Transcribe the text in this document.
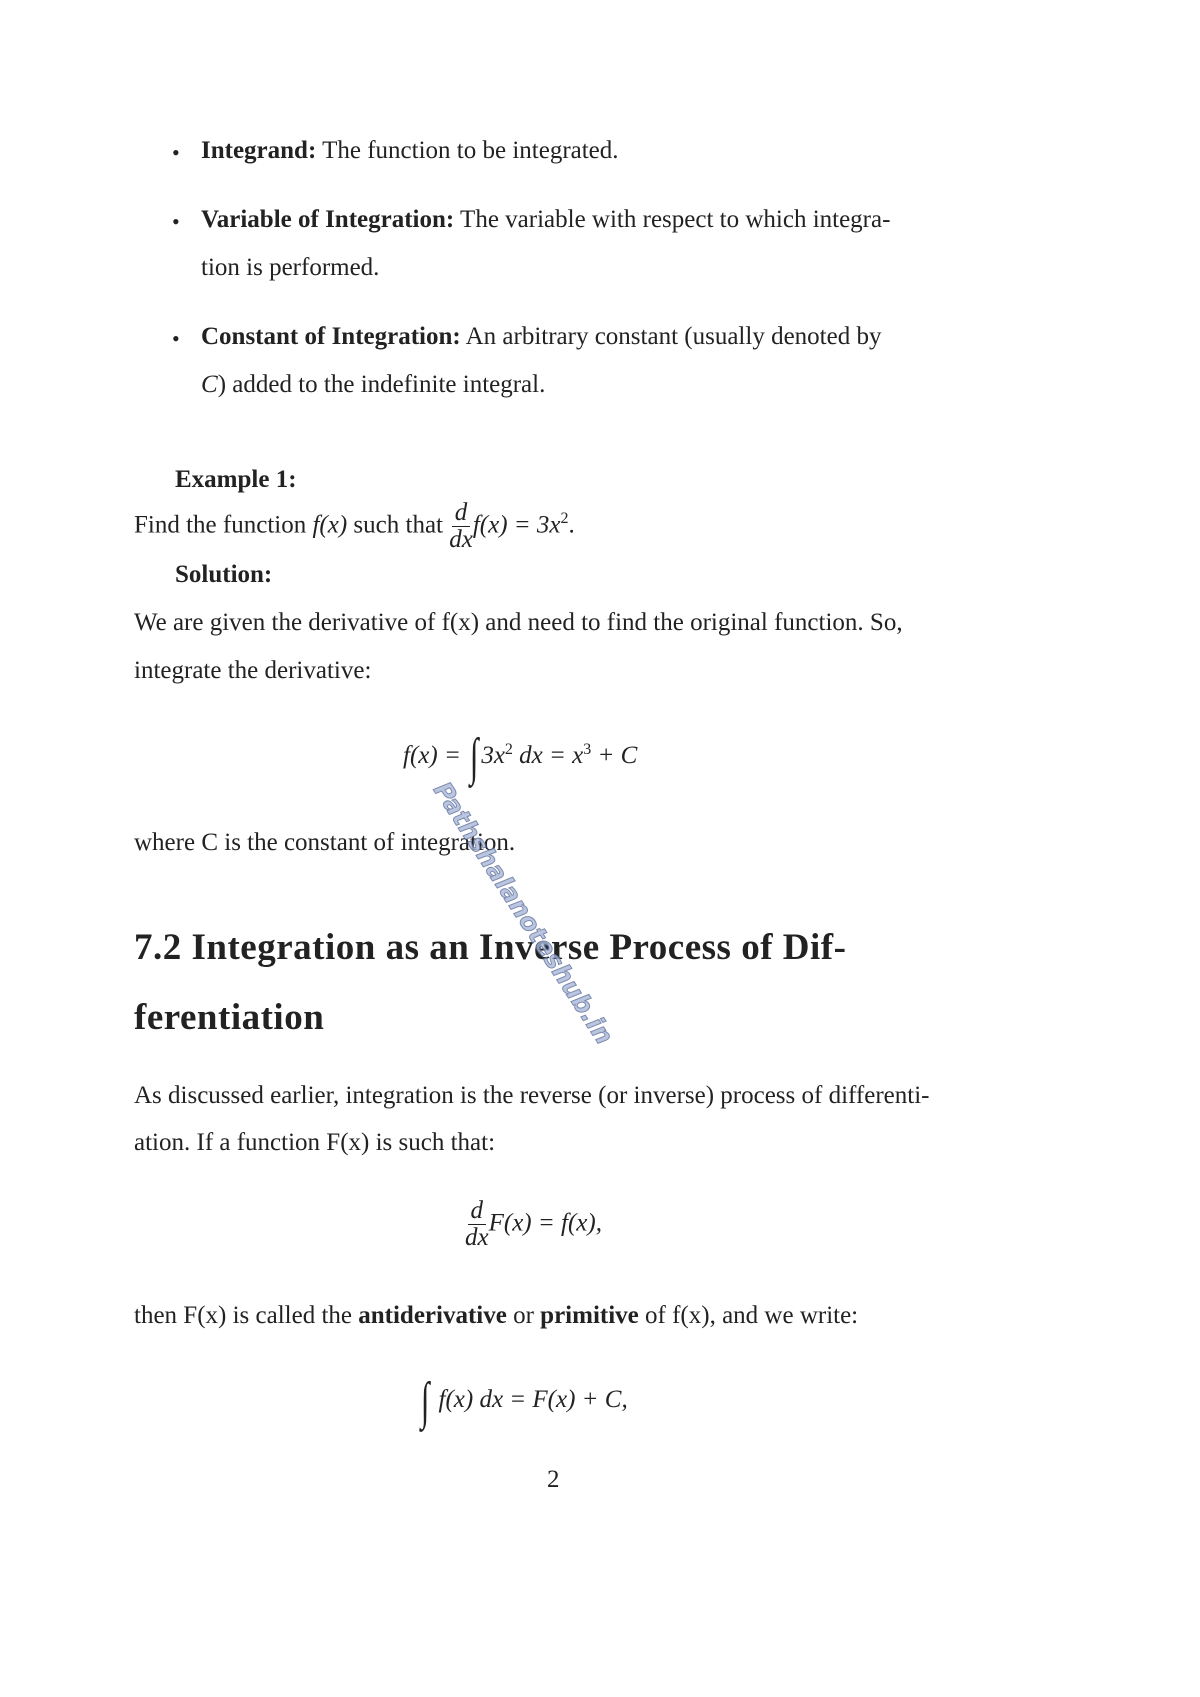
• Integrand: The function to be integrated.
• Variable of Integration: The variable with respect to which integra-
tion is performed.
• Constant of Integration: An arbitrary constant (usually denoted by
C) added to the indefinite integral.
Example 1:
Find the function f(x) such that $\frac{d}{dx} f(x) = 3x^2$.
Solution:
We are given the derivative of f(x) and need to find the original function. So,
integrate the derivative:
f(x) = ∫ $3x^2$ dx = $x^3 + C$
where C is the constant of integration.
7.2 Integration as an Inverse Process of Dif-
ferentiation
As discussed earlier, integration is the reverse (or inverse) process of differenti-
ation. If a function F(x) is such that:
$\frac{d}{dx} F(x) = f(x)$,
then F(x) is called the antiderivative or primitive of f(x), and we write:
∫ f(x) dx = F(x) + C,
2
Pathshalanoteshub.in
